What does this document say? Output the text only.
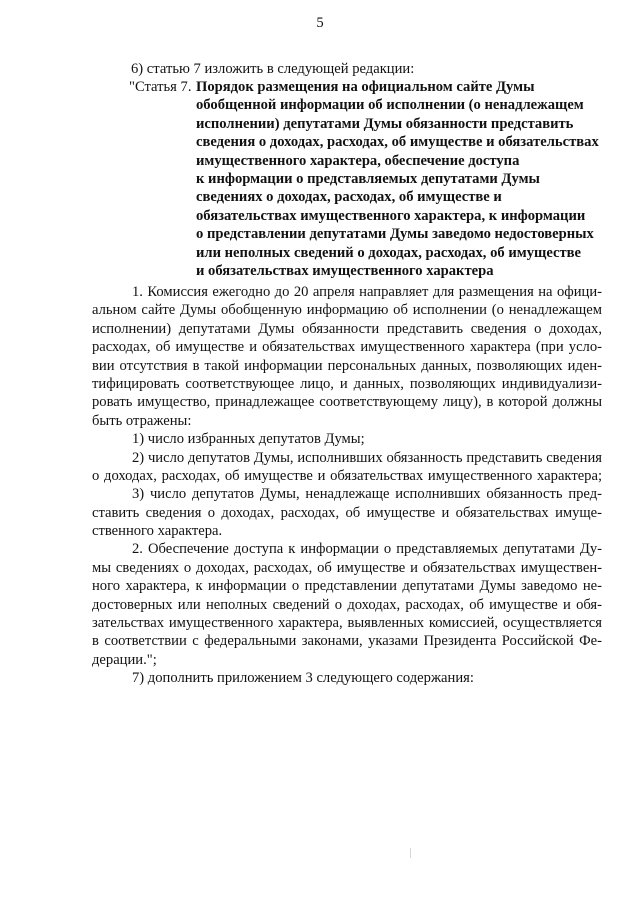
5
6) статью 7 изложить в следующей редакции:
"Статья 7. Порядок размещения на официальном сайте Думы
обобщенной информации об исполнении (о ненадлежащем
исполнении) депутатами Думы обязанности представить
сведения о доходах, расходах, об имуществе и обязательствах
имущественного характера, обеспечение доступа
к информации о представляемых депутатами Думы
сведениях о доходах, расходах, об имуществе и
обязательствах имущественного характера, к информации
о представлении депутатами Думы заведомо недостоверных
или неполных сведений о доходах, расходах, об имуществе
и обязательствах имущественного характера
1. Комиссия ежегодно до 20 апреля направляет для размещения на офици-
альном сайте Думы обобщенную информацию об исполнении (о ненадлежащем
исполнении) депутатами Думы обязанности представить сведения о доходах,
расходах, об имуществе и обязательствах имущественного характера (при усло-
вии отсутствия в такой информации персональных данных, позволяющих иден-
тифицировать соответствующее лицо, и данных, позволяющих индивидуализи-
ровать имущество, принадлежащее соответствующему лицу), в которой должны
быть отражены:
1) число избранных депутатов Думы;
2) число депутатов Думы, исполнивших обязанность представить сведения
о доходах, расходах, об имуществе и обязательствах имущественного характера;
3) число депутатов Думы, ненадлежаще исполнивших обязанность пред-
ставить сведения о доходах, расходах, об имуществе и обязательствах имуще-
ственного характера.
2. Обеспечение доступа к информации о представляемых депутатами Ду-
мы сведениях о доходах, расходах, об имуществе и обязательствах имуществен-
ного характера, к информации о представлении депутатами Думы заведомо не-
достоверных или неполных сведений о доходах, расходах, об имуществе и обя-
зательствах имущественного характера, выявленных комиссией, осуществляется
в соответствии с федеральными законами, указами Президента Российской Фе-
дерации.";
7) дополнить приложением 3 следующего содержания:
